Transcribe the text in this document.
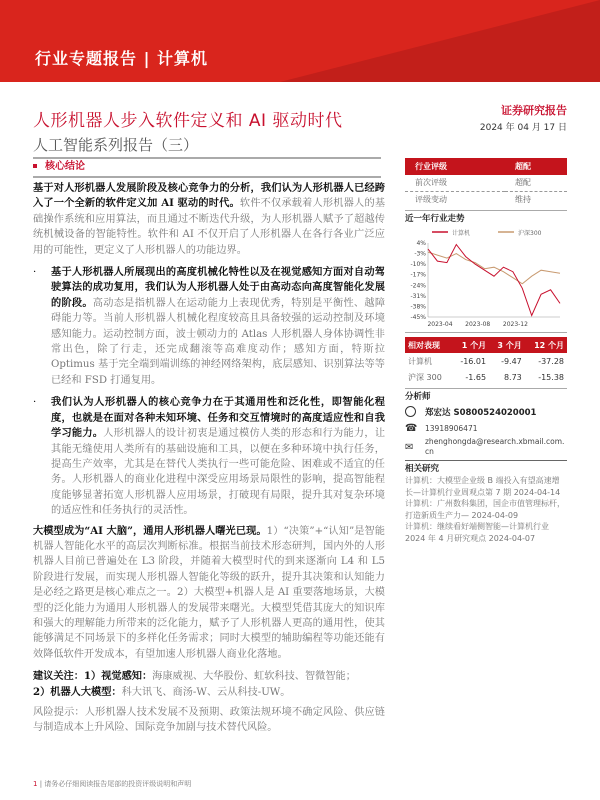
行业专题报告 | 计算机
人形机器人步入软件定义和 AI 驱动时代
人工智能系列报告（三）
核心结论

基于对人形机器人发展阶段及核心竞争力的分析，我们认为人形机器人已经跨入了一个全新的软件定义加 AI 驱动的时代。软件不仅承载着人形机器人的基础操作系统和应用算法，而且通过不断迭代升级，为人形机器人赋予了超越传统机械设备的智能特性。软件和 AI 不仅开启了人形机器人在各行各业广泛应用的可能性，更定义了人形机器人的功能边界。

· 基于人形机器人所展现出的高度机械化特性以及在视觉感知方面对自动驾驶算法的成功复用，我们认为人形机器人处于由高动态向高度智能化发展的阶段。高动态是指机器人在运动能力上表现优秀，特别是平衡性、越障碍能力等。当前人形机器人机械化程度较高且具备较强的运动控制及环境感知能力。运动控制方面，波士顿动力的 Atlas 人形机器人身体协调性非常出色，除了行走，还完成翻滚等高难度动作；感知方面，特斯拉 Optimus 基于完全端到端训练的神经网络架构，底层感知、识别算法等等已经和 FSD 打通复用。

· 我们认为人形机器人的核心竞争力在于其通用性和泛化性，即智能化程度，也就是在面对各种未知环境、任务和交互情境时的高度适应性和自我学习能力。人形机器人的设计初衷是通过模仿人类的形态和行为能力，让其能无缝使用人类所有的基础设施和工具，以便在多种环境中执行任务，提高生产效率，尤其是在替代人类执行一些可能危险、困难或不适宜的任务。人形机器人的商业化进程中深受应用场景局限性的影响，提高智能程度能够显著拓宽人形机器人应用场景，打破现有局限，提升其对复杂环境的适应性和任务执行的灵活性。

大模型成为“AI 大脑”，通用人形机器人曙光已现。1）“决策”+“认知”是智能机器人智能化水平的高层次判断标准。根据当前技术形态研判，国内外的人形机器人目前已普遍处在 L3 阶段，并随着大模型时代的到来逐渐向 L4 和 L5 阶段进行发展，而实现人形机器人智能化等级的跃升，提升其决策和认知能力是必经之路更是核心难点之一。2）大模型+机器人是 AI 重要落地场景，大模型的泛化能力为通用人形机器人的发展带来曙光。大模型凭借其庞大的知识库和强大的理解能力所带来的泛化能力，赋予了人形机器人更高的通用性，使其能够满足不同场景下的多样化任务需求；同时大模型的辅助编程等功能还能有效降低软件开发成本，有望加速人形机器人商业化落地。

建议关注：1）视觉感知：海康威视、大华股份、虹软科技、智微智能；
2）机器人大模型：科大讯飞、商汤-W、云从科技-UW。

风险提示：人形机器人技术发展不及预期、政策法规环境不确定风险、供应链与制造成本上升风险、国际竞争加剧与技术替代风险。

证券研究报告
2024 年 04 月 17 日
行业评级	超配
前次评级	超配
评级变动	维持
近一年行业走势
计算机	沪深300
4%
-3%
-10%
-17%
-24%
-31%
-38%
-45%
2023-04 2023-08 2023-12
相对表现	1 个月	3 个月	12 个月
计算机	-16.01	-9.47	-37.28
沪深 300	-1.65	8.73	-15.38
分析师
郑宏达 S0800524020001
☎	13918906471
✉	zhenghongda@research.xbmail.com.cn
相关研究
计算机：大模型企业级 B 端投入有望高速增长—计算机行业周观点第 7 期 2024-04-14
计算机：广州数科集团，国企市值管理标杆，打造新质生产力— 2024-04-09
计算机：继续看好端侧智能—计算机行业 2024 年 4 月研究观点 2024-04-07
1 | 请务必仔细阅读报告尾部的投资评级说明和声明
